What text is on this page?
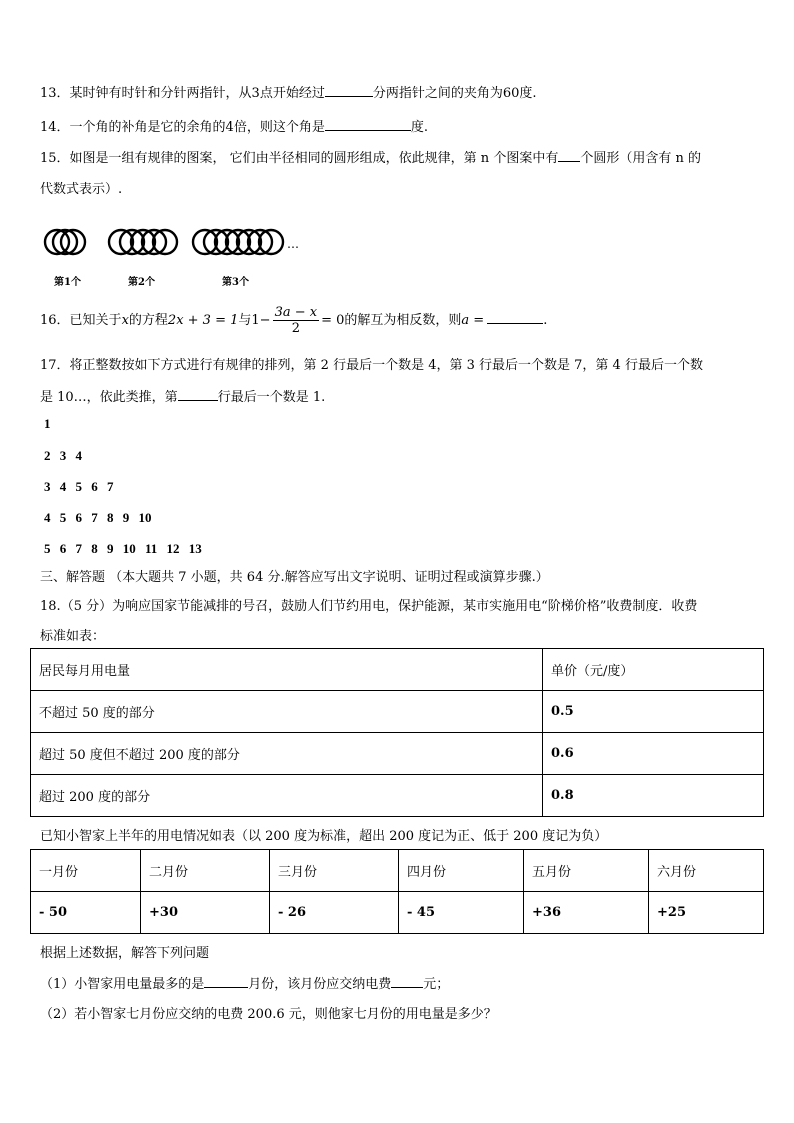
13．某时钟有时针和分针两指针，从3点开始经过	分两指针之间的夹角为60度.
14．一个角的补角是它的余角的4倍，则这个角是	度.
15．如图是一组有规律的图案， 它们由半径相同的圆形组成，依此规律，第 n 个图案中有 个圆形（用含有 n 的
代数式表示）.
…
第1个	第2个	第3个
16．已知关于x的方程2x + 3 = 1与$1- \frac{3a - x}{2} = 0$的解互为相反数，则a =	.
17．将正整数按如下方式进行有规律的排列，第 2 行最后一个数是 4，第 3 行最后一个数是 7，第 4 行最后一个数
是 10…，依此类推，第	行最后一个数是 1.
1
2 3 4
3 4 5 6 7
4 5 6 7 8 9 10
5 6 7 8 9 10 11 12 13
三、解答题 （本大题共 7 小题，共 64 分.解答应写出文字说明、证明过程或演算步骤.）
18.（5 分）为响应国家节能减排的号召，鼓励人们节约用电，保护能源，某市实施用电“阶梯价格”收费制度．收费
标准如表：
居民每月用电量	单价（元/度）
不超过 50 度的部分	0.5
超过 50 度但不超过 200 度的部分	0.6
超过 200 度的部分	0.8
已知小智家上半年的用电情况如表（以 200 度为标准，超出 200 度记为正、低于 200 度记为负）
一月份	二月份	三月份	四月份	五月份	六月份
- 50	+30	- 26	- 45	+36	+25
根据上述数据，解答下列问题
（1）小智家用电量最多的是	月份，该月份应交纳电费 元；
（2）若小智家七月份应交纳的电费 200.6 元，则他家七月份的用电量是多少？
